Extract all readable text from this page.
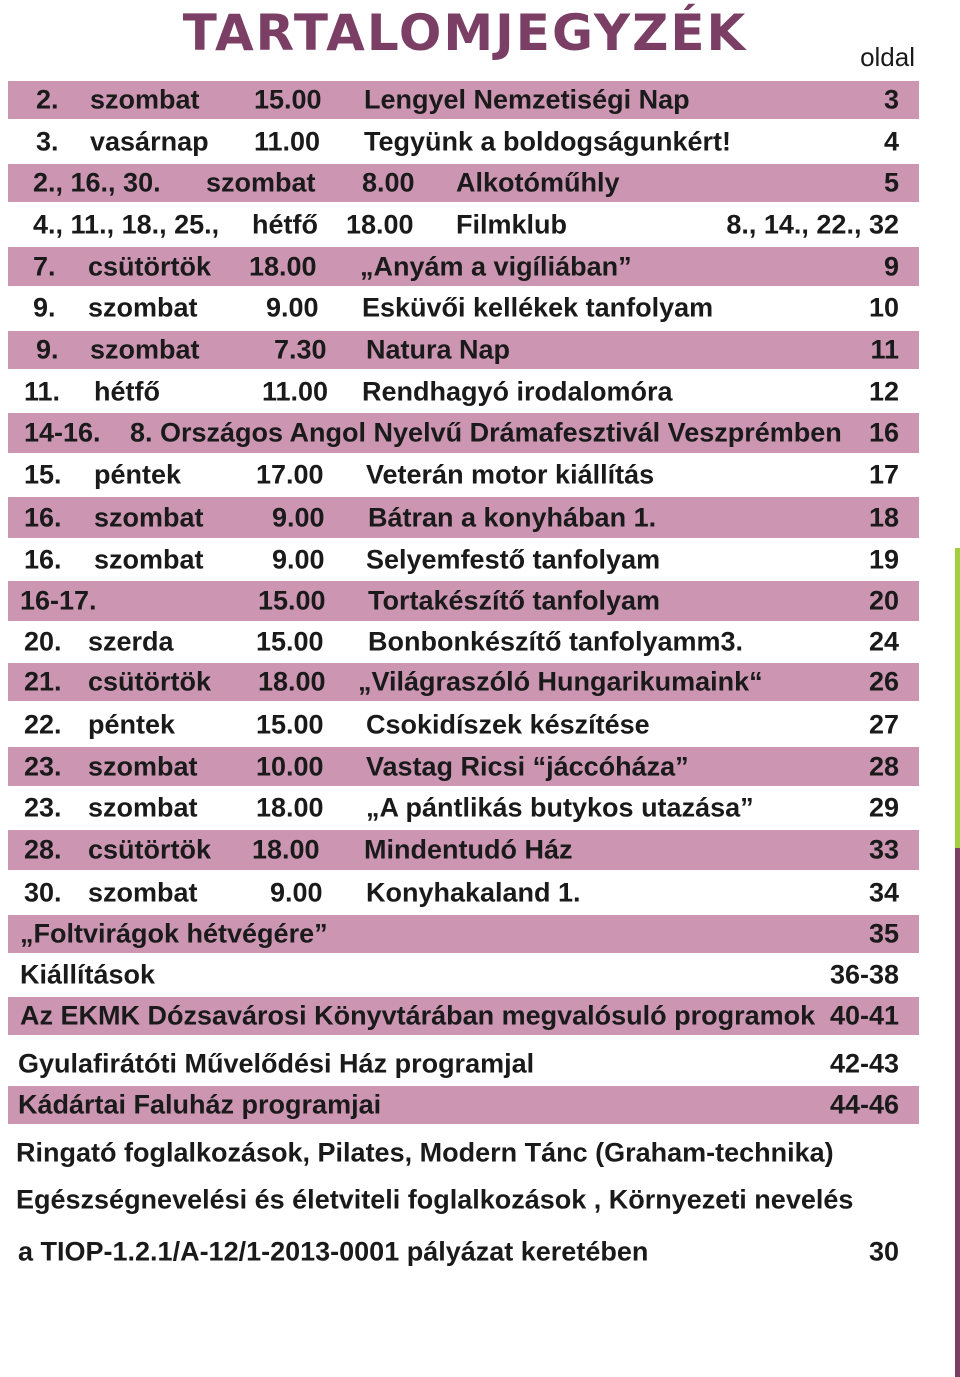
TARTALOMJEGYZÉK	oldal
2. szombat 15.00 Lengyel Nemzetiségi Nap	3
3. vasárnap 11.00 Tegyünk a boldogságunkért!	4
2., 16., 30. szombat 8.00 Alkotóműhly	5
4., 11., 18., 25., hétfő 18.00 Filmklub	8., 14., 22., 32
7. csütörtök 18.00 „Anyám a vigíliában”	9
9. szombat	9.00 Esküvői kellékek tanfolyam	10
9. szombat	7.30 Natura Nap	11
11. hétfő	11.00 Rendhagyó irodalomóra	12
14-16. 8. Országos Angol Nyelvű Drámafesztivál Veszprémben 16
15. péntek	17.00 Veterán motor kiállítás	17
16. szombat	9.00 Bátran a konyhában 1.	18
16. szombat	9.00 Selyemfestő tanfolyam	19
16-17.	15.00 Tortakészítő tanfolyam	20
20. szerda	15.00 Bonbonkészítő tanfolyamm3.	24
21. csütörtök 18.00 „Világraszóló Hungarikumaink“	26
22. péntek	15.00 Csokidíszek készítése	27
23. szombat 10.00 Vastag Ricsi “jáccóháza”	28
23. szombat 18.00 „A pántlikás butykos utazása”	29
28. csütörtök 18.00 Mindentudó Ház	33
30. szombat	9.00 Konyhakaland 1.	34
„Foltvirágok hétvégére”	35
Kiállítások	36-38
Az EKMK Dózsavárosi Könyvtárában megvalósuló programok 40-41
Gyulafirátóti Művelődési Ház programjal	42-43
Kádártai Faluház programjai	44-46
Ringató foglalkozások, Pilates, Modern Tánc (Graham-technika)
Egészségnevelési és életviteli foglalkozások , Környezeti nevelés
a TIOP-1.2.1/A-12/1-2013-0001 pályázat keretében	30
